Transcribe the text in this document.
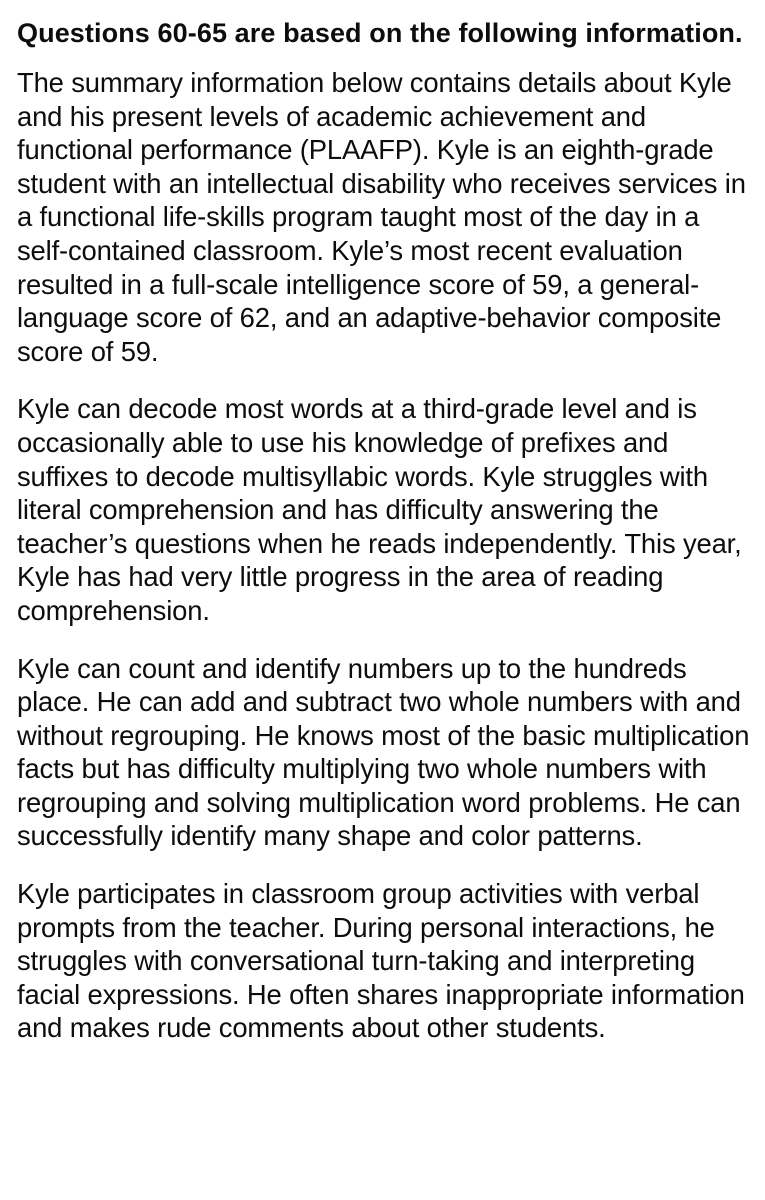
Questions 60-65 are based on the following information.

The summary information below contains details about Kyle and his present levels of academic achievement and functional performance (PLAAFP). Kyle is an eighth-grade student with an intellectual disability who receives services in a functional life-skills program taught most of the day in a self-contained classroom. Kyle’s most recent evaluation resulted in a full-scale intelligence score of 59, a general-language score of 62, and an adaptive-behavior composite score of 59.

Kyle can decode most words at a third-grade level and is occasionally able to use his knowledge of prefixes and suffixes to decode multisyllabic words. Kyle struggles with literal comprehension and has difficulty answering the teacher’s questions when he reads independently. This year, Kyle has had very little progress in the area of reading comprehension.

Kyle can count and identify numbers up to the hundreds place. He can add and subtract two whole numbers with and without regrouping. He knows most of the basic multiplication facts but has difficulty multiplying two whole numbers with regrouping and solving multiplication word problems. He can successfully identify many shape and color patterns.

Kyle participates in classroom group activities with verbal prompts from the teacher. During personal interactions, he struggles with conversational turn-taking and interpreting facial expressions. He often shares inappropriate information and makes rude comments about other students.
